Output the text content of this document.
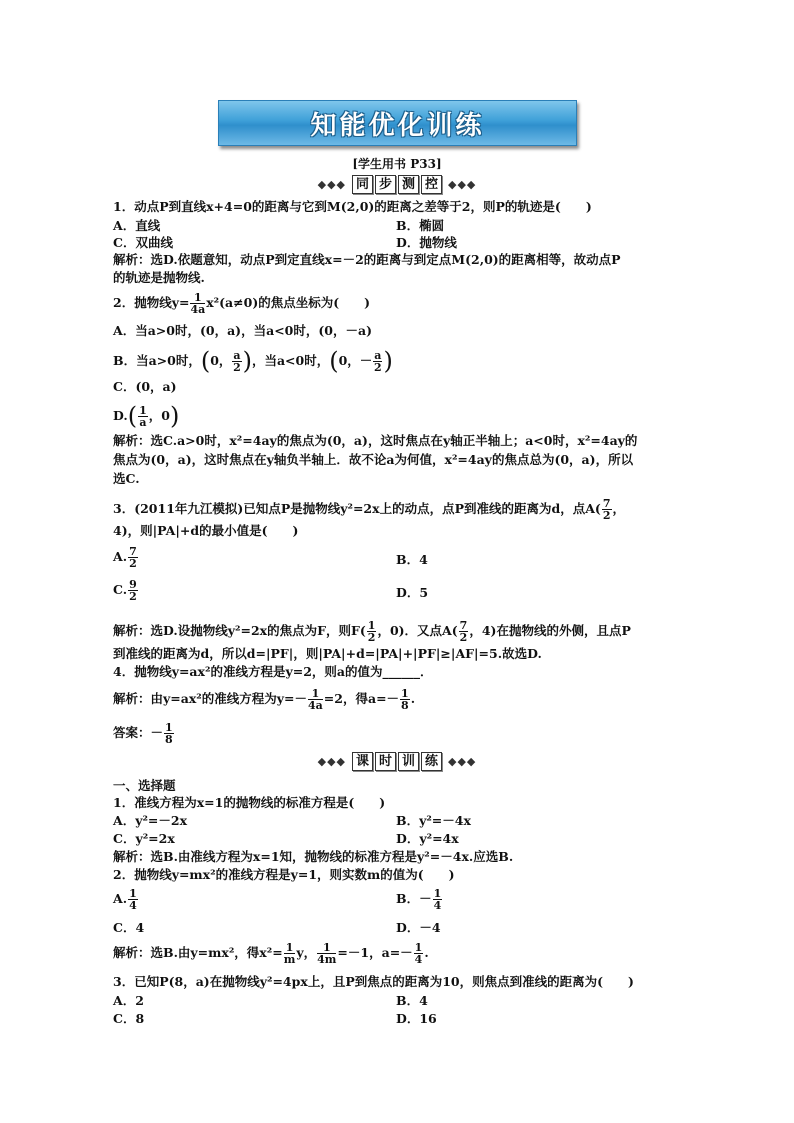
知能优化训练
[学生用书 P33]
◆◆◆ 同 步 测 控 ◆◆◆
1．动点P到直线x+4=0的距离与它到M(2,0)的距离之差等于2，则P的轨迹是(　　)
A．直线	B．椭圆
C．双曲线	D．抛物线
解析：选D.依题意知，动点P到定直线x=－2的距离与到定点M(2,0)的距离相等，故动点P
的轨迹是抛物线.
2．抛物线$y= \frac{1}{4a} x^2(a\ne 0)$的焦点坐标为(　　)
A．当a>0时，(0，a)，当a<0时，(0，－a)
B．当a>0时，(0， $\frac{a}{2}$ )，当a<0时，(0，－ $\frac{a}{2}$ )
C．(0，a)
$D.( \frac{1}{a}$ ，0)
解析：选C.a>0时，x²=4ay的焦点为(0，a)，这时焦点在y轴正半轴上；a<0时，x²=4ay的
焦点为(0，a)，这时焦点在y轴负半轴上．故不论a为何值，x²=4ay的焦点总为(0，a)，所以
选C.
3．(2011年九江模拟)已知点P是抛物线y²=2x上的动点，点P到准线的距离为d，点$A( \frac{7}{2}$ ，
4)，则|PA|+d的最小值是(　　)
A. $\frac{7}{2}$	B．4
C. $\frac{9}{2}$	D．5
解析：选D.设抛物线y²=2x的焦点为F，则$F( \frac{1}{2}$ ，0)．又点$A( \frac{7}{2}$ ，4)在抛物线的外侧，且点P
到准线的距离为d，所以d=|PF|，则|PA|+d=|PA|+|PF|≥|AF|=5.故选D.
4．抛物线y=ax²的准线方程是y=2，则a的值为______．
解析：由y=ax²的准线方程为$y=- \frac{1}{4a} =2$，得$a=- \frac{1}{8}$ .
答案：－ $\frac{1}{8}$
◆◆◆ 课 时 训 练 ◆◆◆
一、选择题
1．准线方程为x=1的抛物线的标准方程是(　　)
A．y²=－2x	B．y²=－4x
C．y²=2x	D．y²=4x
解析：选B.由准线方程为x=1知，抛物线的标准方程是y²=－4x.应选B.
2．抛物线y=mx²的准线方程是y=1，则实数m的值为(　　)
A. $\frac{1}{4}$	B．－ $\frac{1}{4}$
C．4	D．－4
解析：选B.由y=mx²，得$x^2= \frac{1}{m}$ y， $\frac{1}{4m} =-1$，$a=- \frac{1}{4}$ .
3．已知P(8，a)在抛物线y²=4px上，且P到焦点的距离为10，则焦点到准线的距离为(　　)
A．2	B．4
C．8	D．16
